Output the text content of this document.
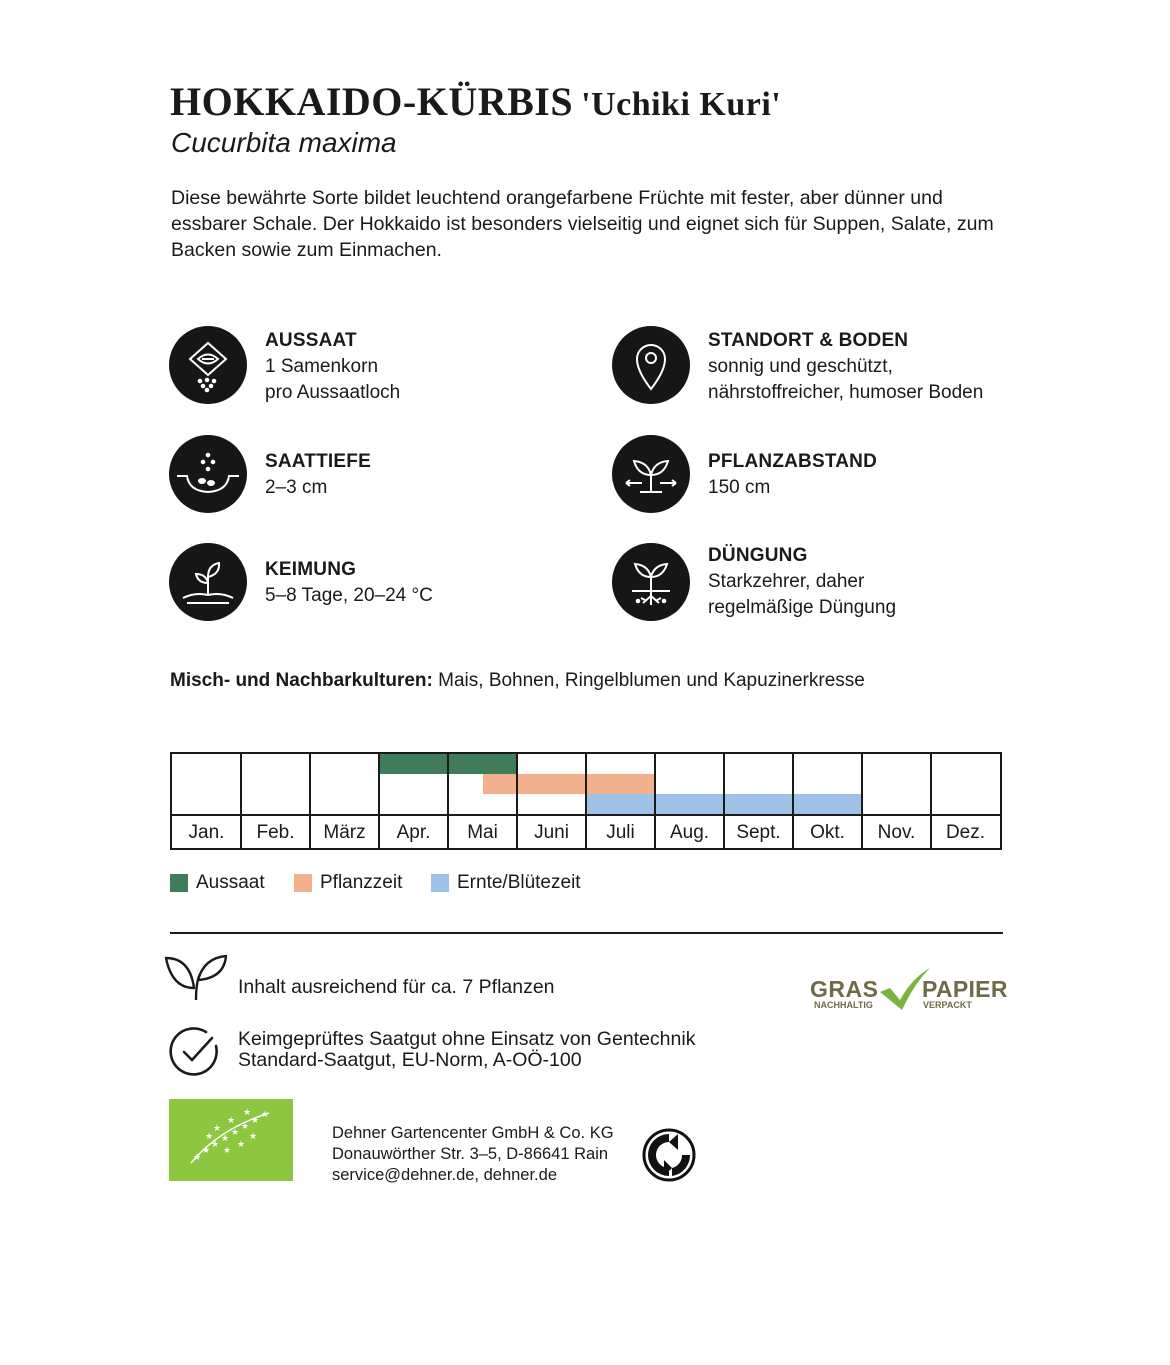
HOKKAIDO-KÜRBIS 'Uchiki Kuri'
Cucurbita maxima
Diese bewährte Sorte bildet leuchtend orangefarbene Früchte mit fester, aber dünner und essbarer Schale. Der Hokkaido ist besonders vielseitig und eignet sich für Suppen, Salate, zum Backen sowie zum Einmachen.
AUSSAAT
1 Samenkorn
pro Aussaatloch
SAATTIEFE
2–3 cm
KEIMUNG
5–8 Tage, 20–24 °C
STANDORT & BODEN
sonnig und geschützt,
nährstoffreicher, humoser Boden
PFLANZABSTAND
150 cm
DÜNGUNG
Starkzehrer, daher
regelmäßige Düngung
Misch- und Nachbarkulturen: Mais, Bohnen, Ringelblumen und Kapuzinerkresse
Jan.	Feb.	März	Apr.	Mai	Juni	Juli	Aug.	Sept.	Okt.	Nov.	Dez.
Aussaat	Pflanzzeit	Ernte/Blütezeit
Inhalt ausreichend für ca. 7 Pflanzen
Keimgeprüftes Saatgut ohne Einsatz von Gentechnik
Standard-Saatgut, EU-Norm, A-OÖ-100
GRAS
NACHHALTIG
PAPIER
VERPACKT
★
★
★
★
★
★
★
★
★
★
★
★	★
★
★
Dehner Gartencenter GmbH & Co. KG
Donauwörther Str. 3–5, D-86641 Rain
service@dehner.de, dehner.de
